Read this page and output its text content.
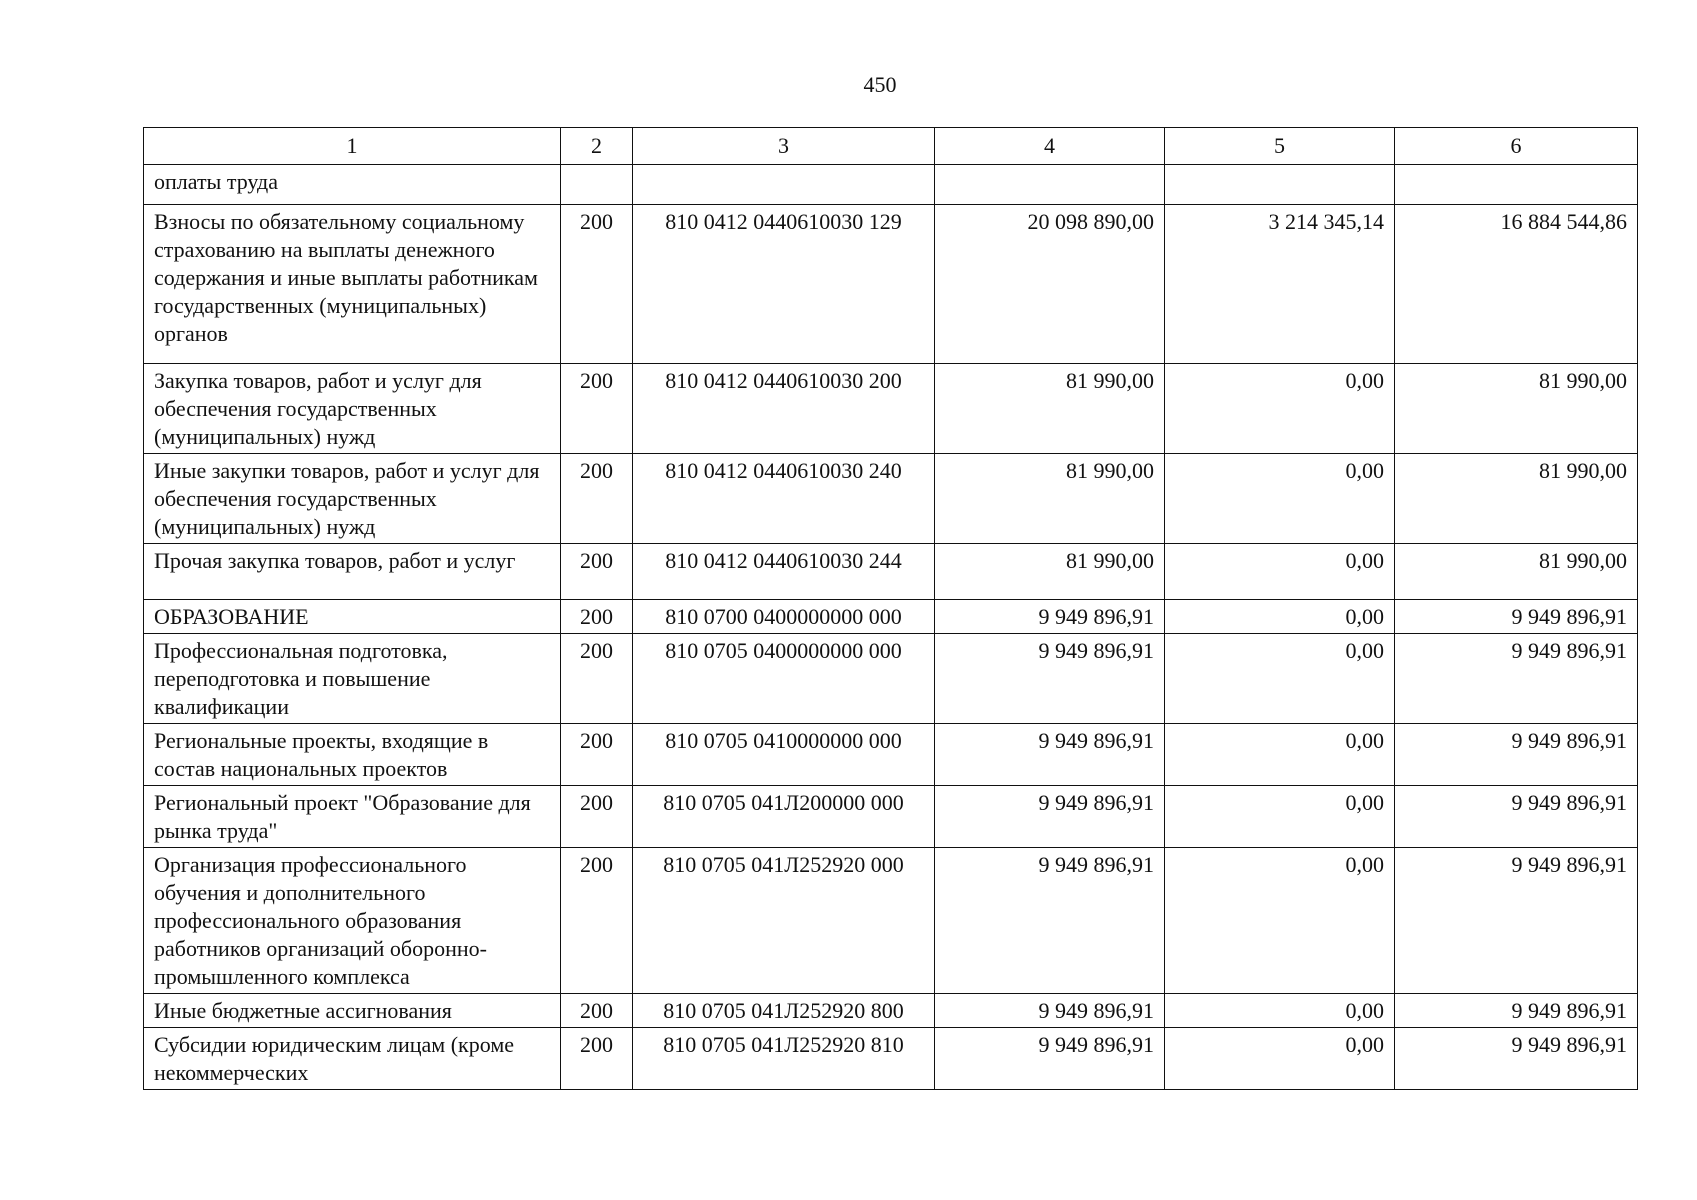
450
1	2	3	4	5	6
оплаты труда					
Взносы по обязательному социальному страхованию на выплаты денежного содержания и иные выплаты работникам государственных (муниципальных) органов	200	810 0412 0440610030 129	20 098 890,00	3 214 345,14	16 884 544,86
Закупка товаров, работ и услуг для обеспечения государственных (муниципальных) нужд	200	810 0412 0440610030 200	81 990,00	0,00	81 990,00
Иные закупки товаров, работ и услуг для обеспечения государственных (муниципальных) нужд	200	810 0412 0440610030 240	81 990,00	0,00	81 990,00
Прочая закупка товаров, работ и услуг	200	810 0412 0440610030 244	81 990,00	0,00	81 990,00
ОБРАЗОВАНИЕ	200	810 0700 0400000000 000	9 949 896,91	0,00	9 949 896,91
Профессиональная подготовка, переподготовка и повышение квалификации	200	810 0705 0400000000 000	9 949 896,91	0,00	9 949 896,91
Региональные проекты, входящие в состав национальных проектов	200	810 0705 0410000000 000	9 949 896,91	0,00	9 949 896,91
Региональный проект "Образование для рынка труда"	200	810 0705 041Л200000 000	9 949 896,91	0,00	9 949 896,91
Организация профессионального обучения и дополнительного профессионального образования работников организаций оборонно-промышленного комплекса	200	810 0705 041Л252920 000	9 949 896,91	0,00	9 949 896,91
Иные бюджетные ассигнования	200	810 0705 041Л252920 800	9 949 896,91	0,00	9 949 896,91
Субсидии юридическим лицам (кроме некоммерческих	200	810 0705 041Л252920 810	9 949 896,91	0,00	9 949 896,91
